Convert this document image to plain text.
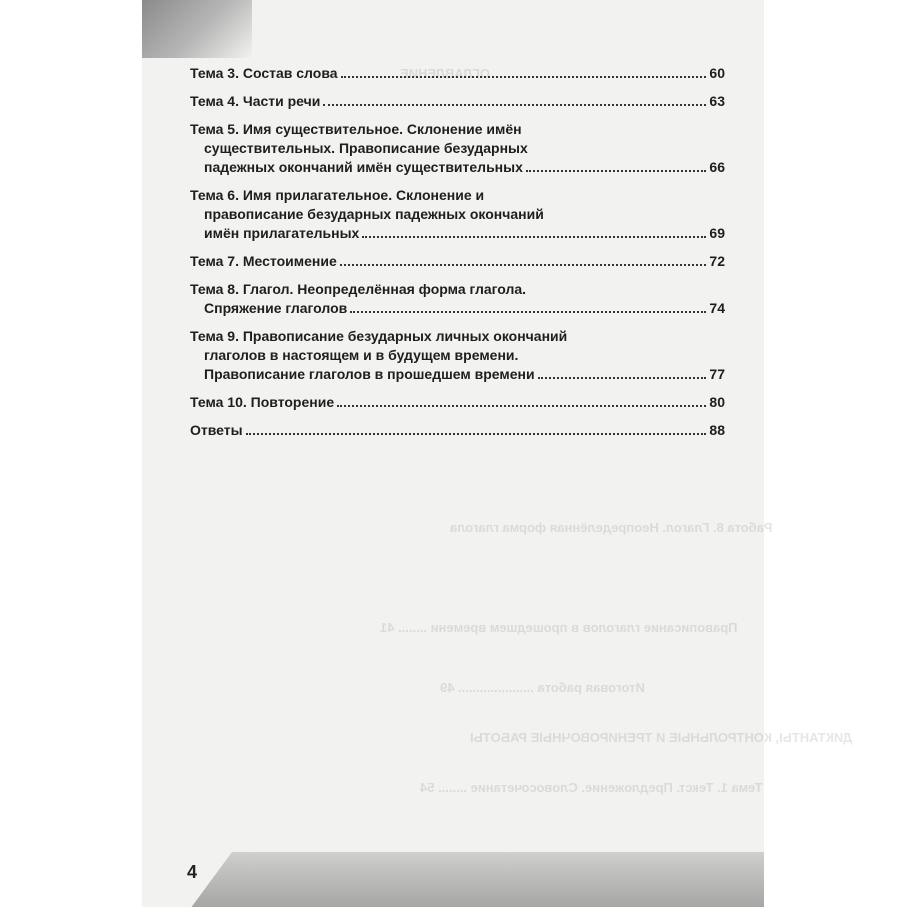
ОГЛАВЛЕНИЕ
Работа 8. Глагол. Неопределённая форма глагола
Правописание глаголов в прошедшем времени ........ 41
Итоговая работа ..................... 49
ДИКТАНТЫ, КОНТРОЛЬНЫЕ И ТРЕНИРОВОЧНЫЕ РАБОТЫ
Тема 1. Текст. Предложение. Словосочетание ........ 54
Тема 3. Состав слова	60
Тема 4. Части речи	63
Тема 5. Имя существительное. Склонение имён
существительных. Правописание безударных
падежных окончаний имён существительных	66
Тема 6. Имя прилагательное. Склонение и
правописание безударных падежных окончаний
имён прилагательных	69
Тема 7. Местоимение	72
Тема 8. Глагол. Неопределённая форма глагола.
Спряжение глаголов	74
Тема 9. Правописание безударных личных окончаний
глаголов в настоящем и в будущем времени.
Правописание глаголов в прошедшем времени	77
Тема 10. Повторение	80
Ответы	88
4
